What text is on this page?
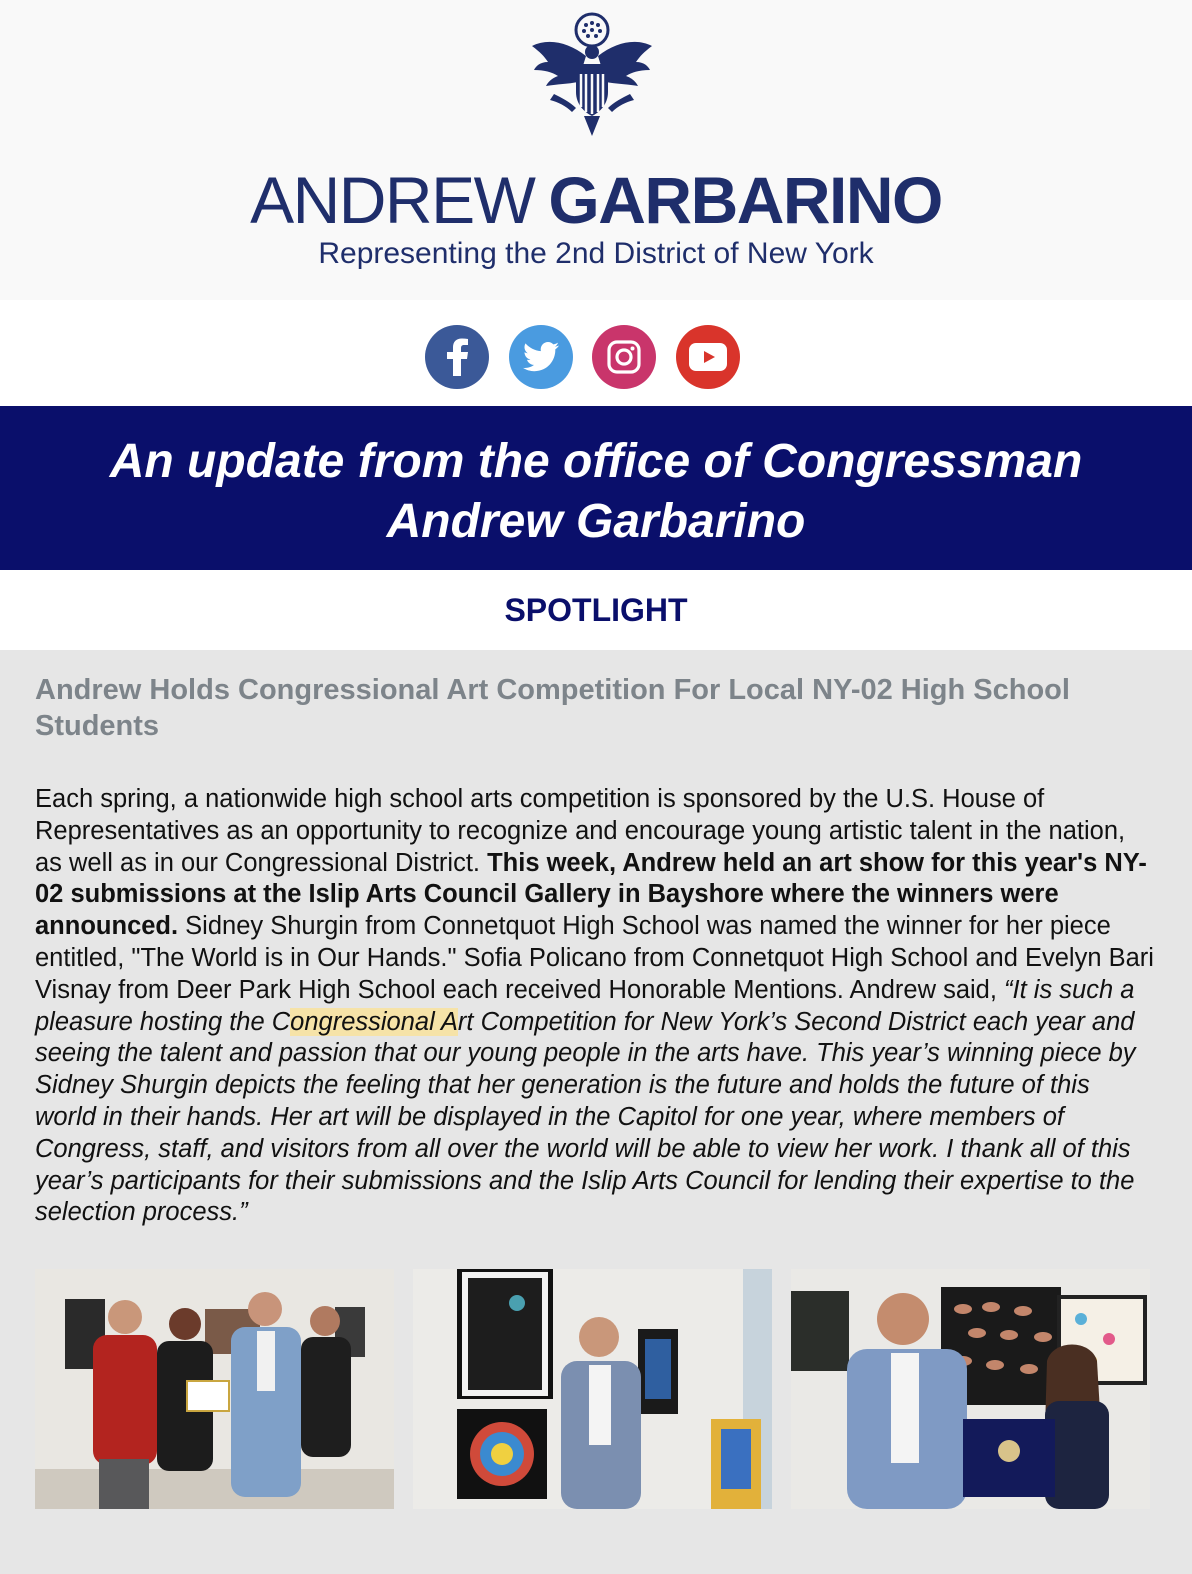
ANDREW GARBARINO
Representing the 2nd District of New York
An update from the office of Congressman
Andrew Garbarino
SPOTLIGHT
Andrew Holds Congressional Art Competition For Local NY-02 High School Students
Each spring, a nationwide high school arts competition is sponsored by the U.S. House of Representatives as an opportunity to recognize and encourage young artistic talent in the nation, as well as in our Congressional District. This week, Andrew held an art show for this year's NY-02 submissions at the Islip Arts Council Gallery in Bayshore where the winners were announced. Sidney Shurgin from Connetquot High School was named the winner for her piece entitled, "The World is in Our Hands." Sofia Policano from Connetquot High School and Evelyn Bari Visnay from Deer Park High School each received Honorable Mentions. Andrew said, “It is such a pleasure hosting the Congressional Art Competition for New York’s Second District each year and seeing the talent and passion that our young people in the arts have. This year’s winning piece by Sidney Shurgin depicts the feeling that her generation is the future and holds the future of this world in their hands. Her art will be displayed in the Capitol for one year, where members of Congress, staff, and visitors from all over the world will be able to view her work. I thank all of this year’s participants for their submissions and the Islip Arts Council for lending their expertise to the selection process.”
